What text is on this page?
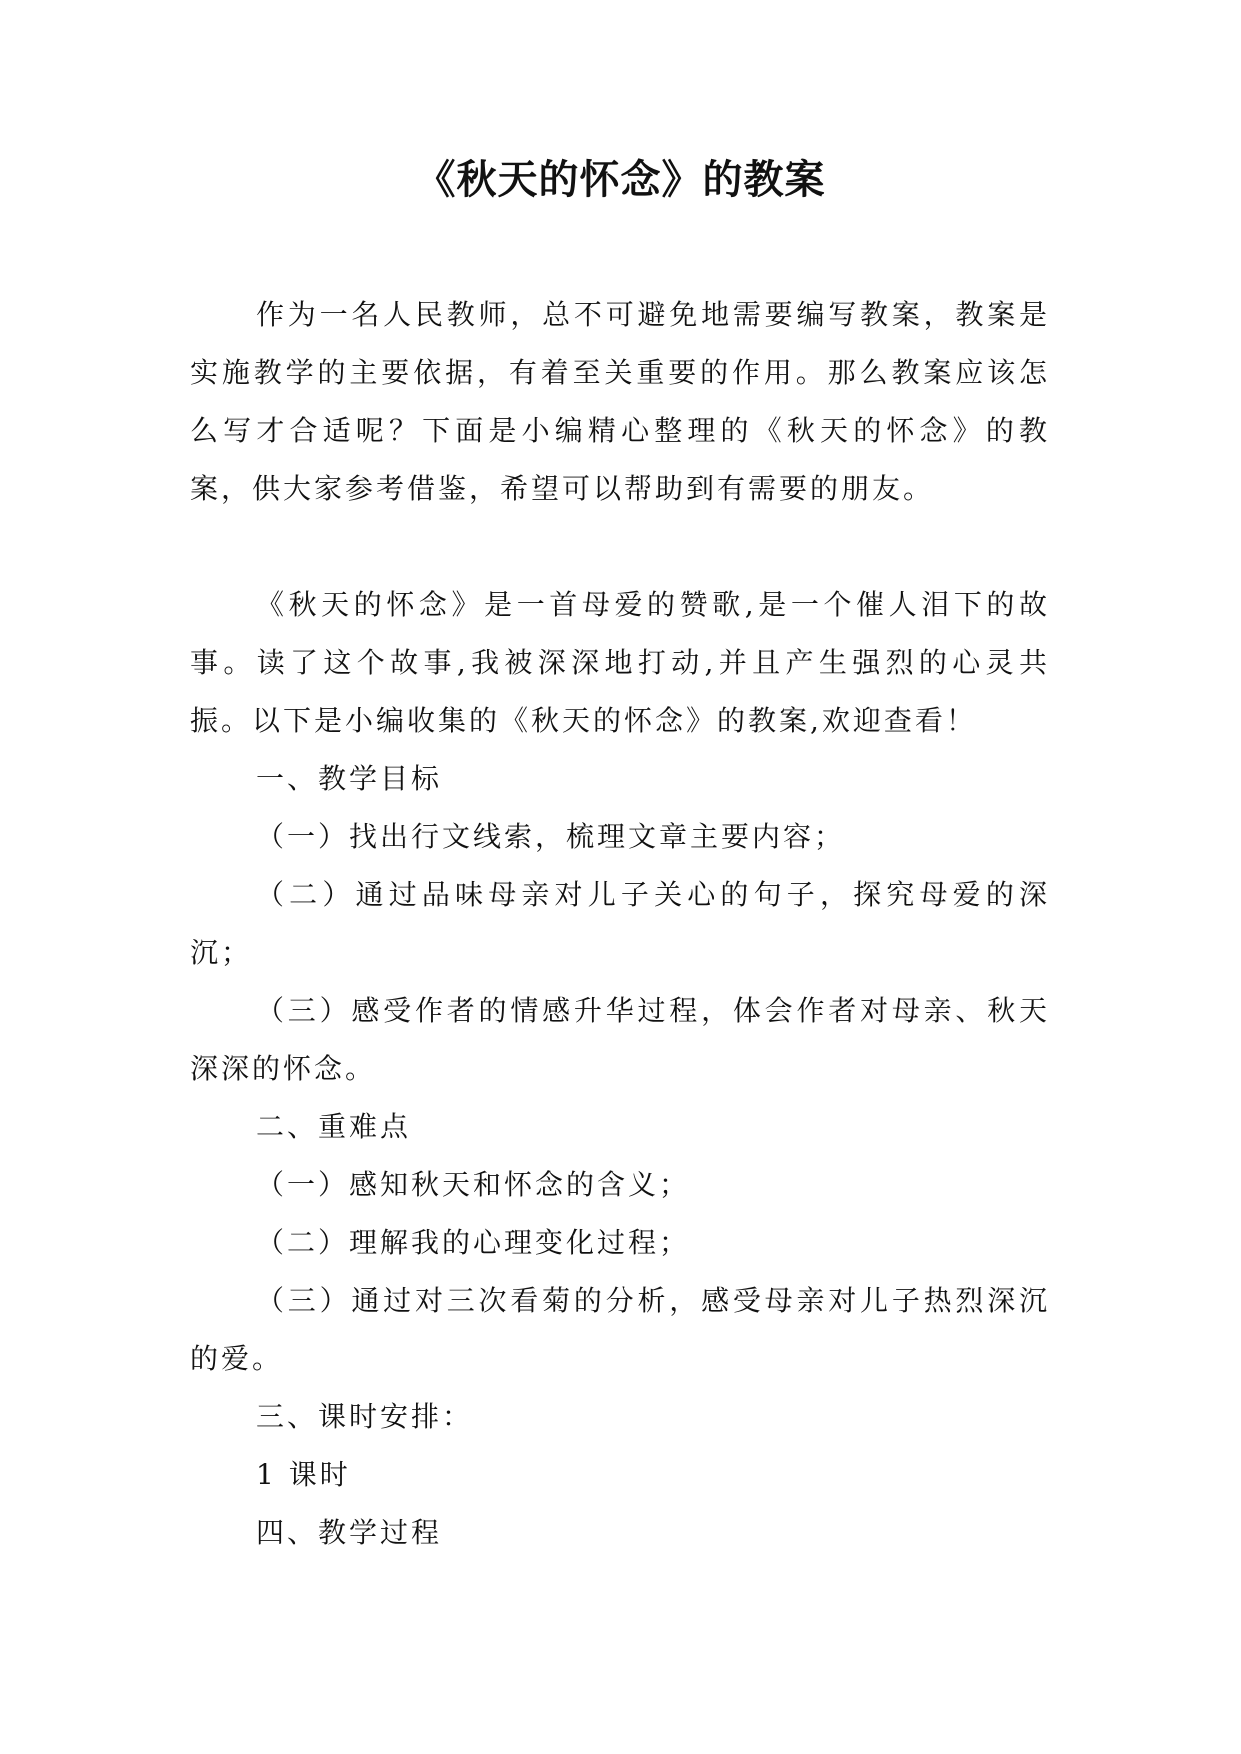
《秋天的怀念》的教案

作为一名人民教师，总不可避免地需要编写教案，教案是实施教学的主要依据，有着至关重要的作用。那么教案应该怎么写才合适呢？下面是小编精心整理的《秋天的怀念》的教案，供大家参考借鉴，希望可以帮助到有需要的朋友。

《秋天的怀念》是一首母爱的赞歌,是一个催人泪下的故事。读了这个故事,我被深深地打动,并且产生强烈的心灵共振。以下是小编收集的《秋天的怀念》的教案,欢迎查看！

一、教学目标

（一）找出行文线索，梳理文章主要内容；

（二）通过品味母亲对儿子关心的句子，探究母爱的深沉；

（三）感受作者的情感升华过程，体会作者对母亲、秋天深深的怀念。

二、重难点

（一）感知秋天和怀念的含义；

（二）理解我的心理变化过程；

（三）通过对三次看菊的分析，感受母亲对儿子热烈深沉的爱。

三、课时安排：

1 课时

四、教学过程
